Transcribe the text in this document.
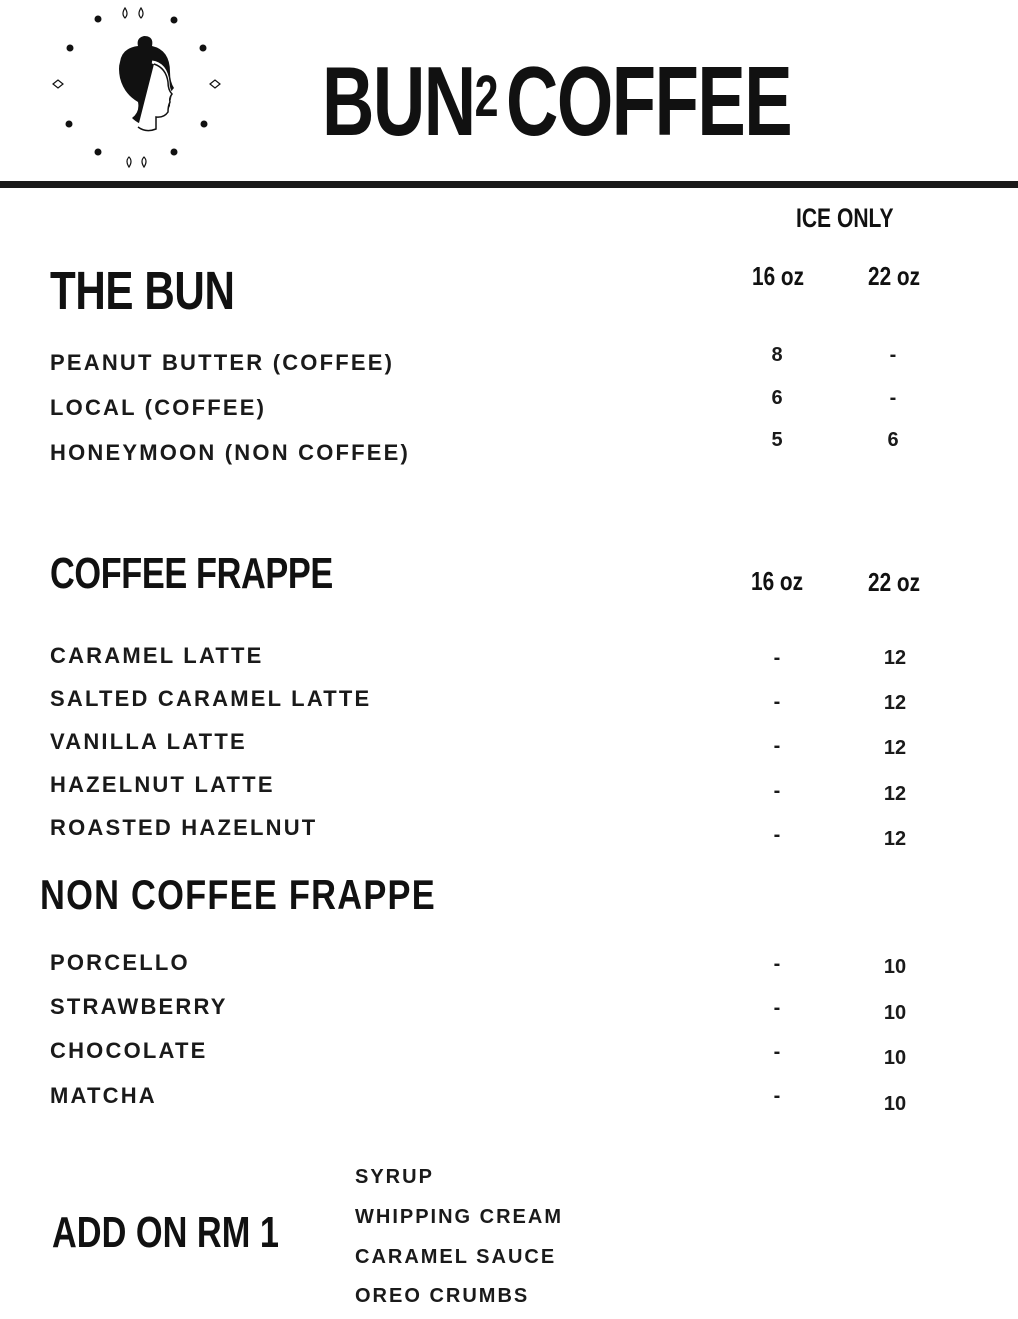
BUN$^2$COFFEE
ICE ONLY
THE BUN	16 oz 22 oz
PEANUT BUTTER (COFFEE)	8	-
LOCAL (COFFEE)	6	-
HONEYMOON (NON COFFEE)	5	6
COFFEE FRAPPE	16 oz 22 oz
CARAMEL LATTE	-	12
SALTED CARAMEL LATTE	-	12
VANILLA LATTE	-	12
HAZELNUT LATTE	-	12
ROASTED HAZELNUT	-	12
NON COFFEE FRAPPE
PORCELLO	-	10
STRAWBERRY	-	10
CHOCOLATE	-	10
MATCHA	-	10
ADD ON RM 1
SYRUP
WHIPPING CREAM
CARAMEL SAUCE
OREO CRUMBS
